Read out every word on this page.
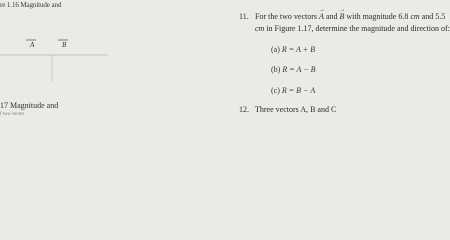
re 1.16 Magnitude and
A	B
17 Magnitude and
f two vector
11. For the two vectors → A and → B with magnitude 6.8 cm and 5.5
cm in Figure 1.17, determine the magnitude and direction of:
(a) R = A + B
(b) R = A − B
(c) R = B − A
12. Three vectors A, B and C
